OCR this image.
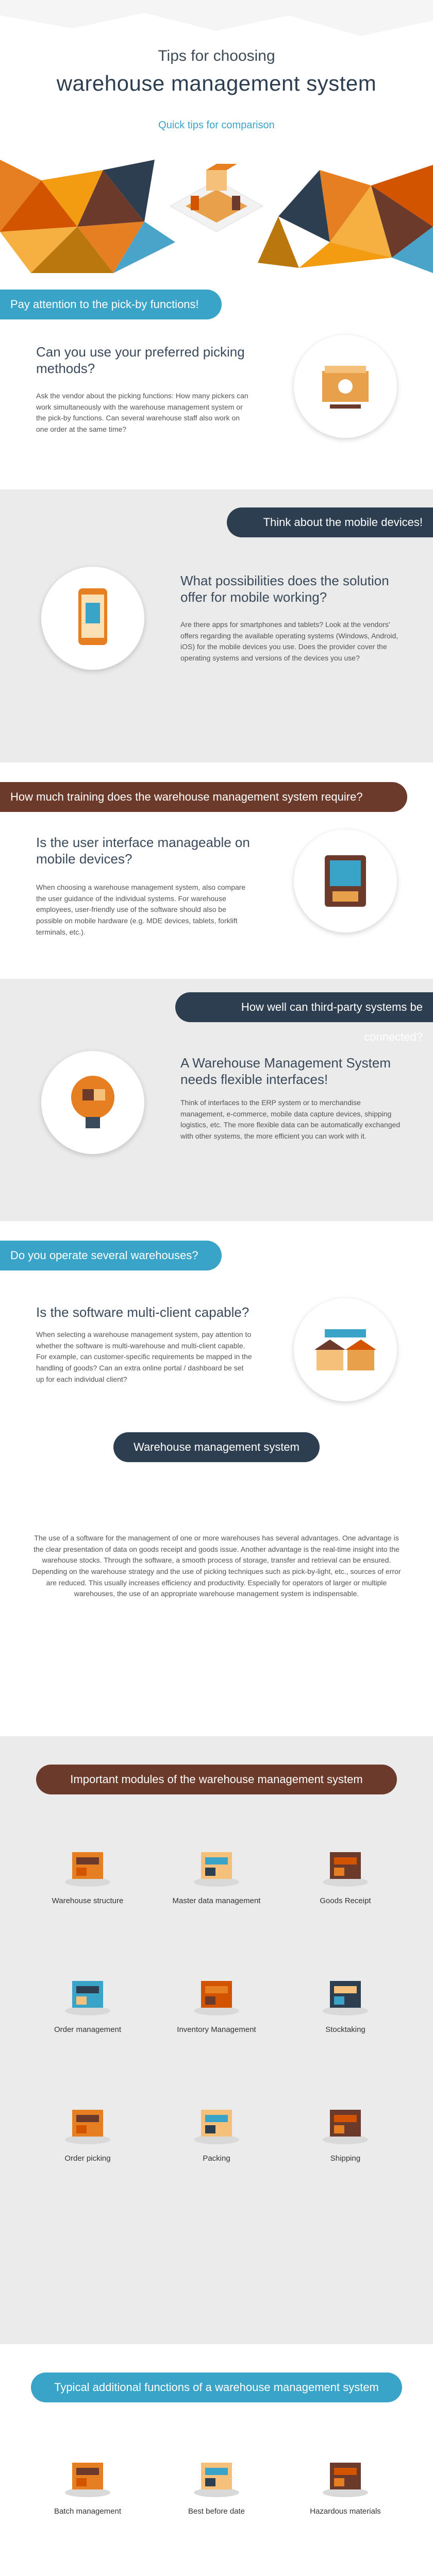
Tips for choosing
warehouse management system
Quick tips for comparison
Pay attention to the pick-by functions!
Can you use your preferred picking methods?
Ask the vendor about the picking functions: How many pickers can work simultaneously with the warehouse management system or the pick-by functions. Can several warehouse staff also work on one order at the same time?
Think about the mobile devices!
What possibilities does the solution offer for mobile working?
Are there apps for smartphones and tablets? Look at the vendors' offers regarding the available operating systems (Windows, Android, iOS) for the mobile devices you use. Does the provider cover the operating systems and versions of the devices you use?
How much training does the warehouse management system require?
Is the user interface manageable on mobile devices?
When choosing a warehouse management system, also compare the user guidance of the individual systems. For warehouse employees, user-friendly use of the software should also be possible on mobile hardware (e.g. MDE devices, tablets, forklift terminals, etc.).
How well can third-party systems be connected?
A Warehouse Management System needs flexible interfaces!
Think of interfaces to the ERP system or to merchandise management, e-commerce, mobile data capture devices, shipping logistics, etc. The more flexible data can be automatically exchanged with other systems, the more efficient you can work with it.
Do you operate several warehouses?
Is the software multi-client capable?
When selecting a warehouse management system, pay attention to whether the software is multi-warehouse and multi-client capable. For example, can customer-specific requirements be mapped in the handling of goods? Can an extra online portal / dashboard be set up for each individual client?
Warehouse management system
The use of a software for the management of one or more warehouses has several advantages. One advantage is the clear presentation of data on goods receipt and goods issue. Another advantage is the real-time insight into the warehouse stocks. Through the software, a smooth process of storage, transfer and retrieval can be ensured. Depending on the warehouse strategy and the use of picking techniques such as pick-by-light, etc., sources of error are reduced. This usually increases efficiency and productivity. Especially for operators of larger or multiple warehouses, the use of an appropriate warehouse management system is indispensable.
Important modules of the warehouse management system
Warehouse structure	Master data management	Goods Receipt
Order management	Inventory Management	Stocktaking
Order picking	Packing	Shipping
Typical additional functions of a warehouse management system
Batch management	Best before date	Hazardous materials
